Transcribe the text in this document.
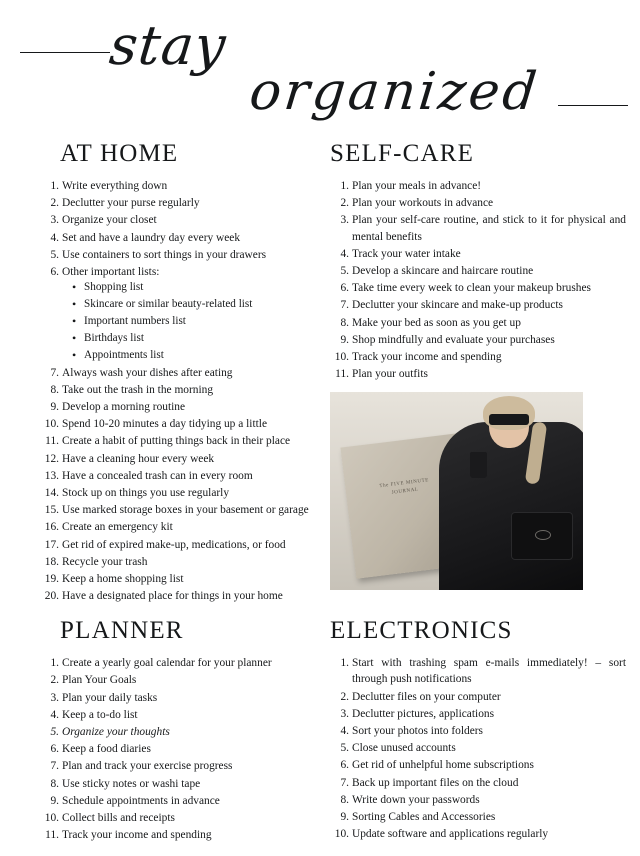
stay
organized
AT HOME
Write everything down
Declutter your purse regularly
Organize your closet
Set and have a laundry day every week
Use containers to sort things in your drawers
Other important lists:
• Shopping list
• Skincare or similar beauty-related list
• Important numbers list
• Birthdays list
• Appointments list
Always wash your dishes after eating
Take out the trash in the morning
Develop a morning routine
Spend 10-20 minutes a day tidying up a little
Create a habit of putting things back in their place
Have a cleaning hour every week
Have a concealed trash can in every room
Stock up on things you use regularly
Use marked storage boxes in your basement or garage
Create an emergency kit
Get rid of expired make-up, medications, or food
Recycle your trash
Keep a home shopping list
Have a designated place for things in your home
SELF-CARE
Plan your meals in advance!
Plan your workouts in advance
Plan your self-care routine, and stick to it for physical and mental benefits
Track your water intake
Develop a skincare and haircare routine
Take time every week to clean your makeup brushes
Declutter your skincare and make-up products
Make your bed as soon as you get up
Shop mindfully and evaluate your purchases
Track your income and spending
Plan your outfits
The FIVE MINUTE JOURNAL
PLANNER
Create a yearly goal calendar for your planner
Plan Your Goals
Plan your daily tasks
Keep a to-do list
Organize your thoughts
Keep a food diaries
Plan and track your exercise progress
Use sticky notes or washi tape
Schedule appointments in advance
Collect bills and receipts
Track your income and spending
ELECTRONICS
Start with trashing spam e-mails immediately! – sort through push notifications
Declutter files on your computer
Declutter pictures, applications
Sort your photos into folders
Close unused accounts
Get rid of unhelpful home subscriptions
Back up important files on the cloud
Write down your passwords
Sorting Cables and Accessories
Update software and applications regularly
